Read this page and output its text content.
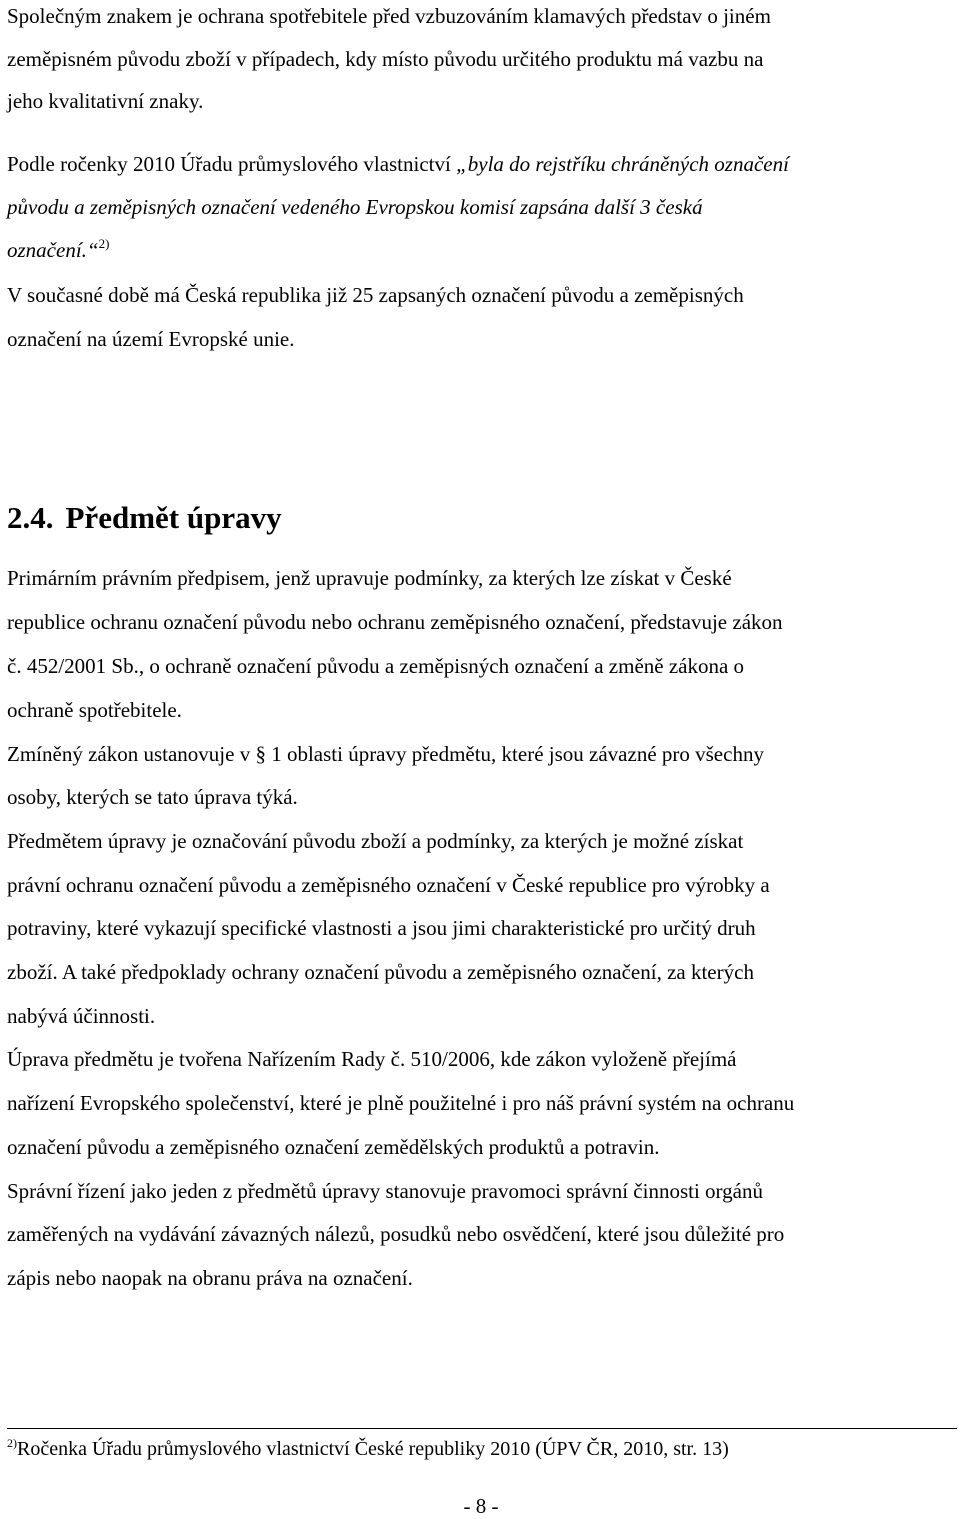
Společným znakem je ochrana spotřebitele před vzbuzováním klamavých představ o jiném
zeměpisném původu zboží v případech, kdy místo původu určitého produktu má vazbu na
jeho kvalitativní znaky.
Podle ročenky 2010 Úřadu průmyslového vlastnictví „byla do rejstříku chráněných označení
původu a zeměpisných označení vedeného Evropskou komisí zapsána další 3 česká
označení.“$^{2)}$
V současné době má Česká republika již 25 zapsaných označení původu a zeměpisných
označení na území Evropské unie.
2.4. Předmět úpravy
Primárním právním předpisem, jenž upravuje podmínky, za kterých lze získat v České
republice ochranu označení původu nebo ochranu zeměpisného označení, představuje zákon
č. 452/2001 Sb., o ochraně označení původu a zeměpisných označení a změně zákona o
ochraně spotřebitele.
Zmíněný zákon ustanovuje v § 1 oblasti úpravy předmětu, které jsou závazné pro všechny
osoby, kterých se tato úprava týká.
Předmětem úpravy je označování původu zboží a podmínky, za kterých je možné získat
právní ochranu označení původu a zeměpisného označení v České republice pro výrobky a
potraviny, které vykazují specifické vlastnosti a jsou jimi charakteristické pro určitý druh
zboží. A také předpoklady ochrany označení původu a zeměpisného označení, za kterých
nabývá účinnosti.
Úprava předmětu je tvořena Nařízením Rady č. 510/2006, kde zákon vyloženě přejímá
nařízení Evropského společenství, které je plně použitelné i pro náš právní systém na ochranu
označení původu a zeměpisného označení zemědělských produktů a potravin.
Správní řízení jako jeden z předmětů úpravy stanovuje pravomoci správní činnosti orgánů
zaměřených na vydávání závazných nálezů, posudků nebo osvědčení, které jsou důležité pro
zápis nebo naopak na obranu práva na označení.
$^{2)}$Ročenka Úřadu průmyslového vlastnictví České republiky 2010 (ÚPV ČR, 2010, str. 13)
- 8 -
